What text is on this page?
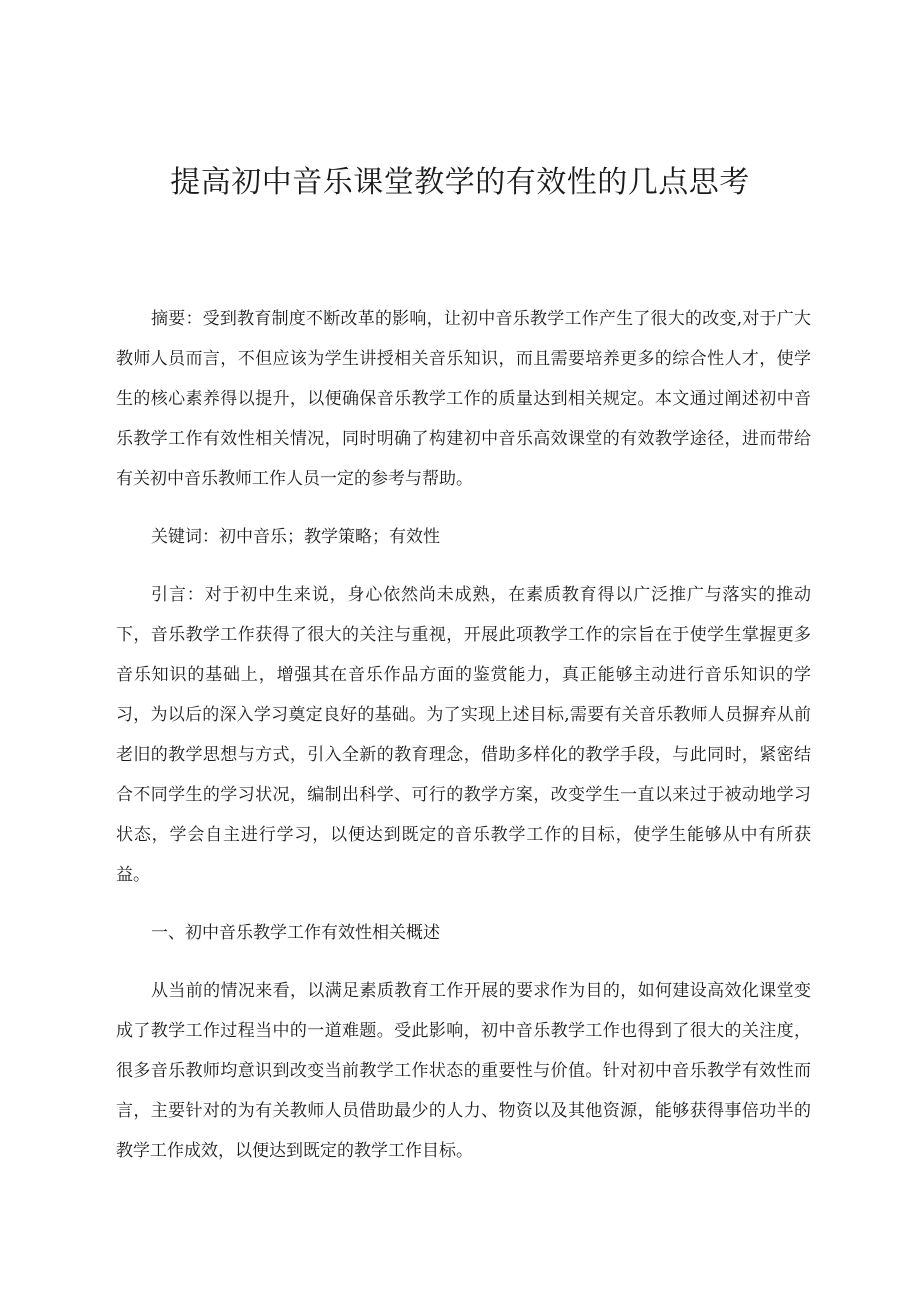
提高初中音乐课堂教学的有效性的几点思考

摘要：受到教育制度不断改革的影响，让初中音乐教学工作产生了很大的改变,对于广大教师人员而言，不但应该为学生讲授相关音乐知识，而且需要培养更多的综合性人才，使学生的核心素养得以提升，以便确保音乐教学工作的质量达到相关规定。本文通过阐述初中音乐教学工作有效性相关情况，同时明确了构建初中音乐高效课堂的有效教学途径，进而带给有关初中音乐教师工作人员一定的参考与帮助。

关键词：初中音乐；教学策略；有效性

引言：对于初中生来说，身心依然尚未成熟，在素质教育得以广泛推广与落实的推动下，音乐教学工作获得了很大的关注与重视，开展此项教学工作的宗旨在于使学生掌握更多音乐知识的基础上，增强其在音乐作品方面的鉴赏能力，真正能够主动进行音乐知识的学习，为以后的深入学习奠定良好的基础。为了实现上述目标,需要有关音乐教师人员摒弃从前老旧的教学思想与方式，引入全新的教育理念，借助多样化的教学手段，与此同时，紧密结合不同学生的学习状况，编制出科学、可行的教学方案，改变学生一直以来过于被动地学习状态，学会自主进行学习，以便达到既定的音乐教学工作的目标，使学生能够从中有所获益。

一、初中音乐教学工作有效性相关概述

从当前的情况来看，以满足素质教育工作开展的要求作为目的，如何建设高效化课堂变成了教学工作过程当中的一道难题。受此影响，初中音乐教学工作也得到了很大的关注度，很多音乐教师均意识到改变当前教学工作状态的重要性与价值。针对初中音乐教学有效性而言，主要针对的为有关教师人员借助最少的人力、物资以及其他资源，能够获得事倍功半的教学工作成效，以便达到既定的教学工作目标。
